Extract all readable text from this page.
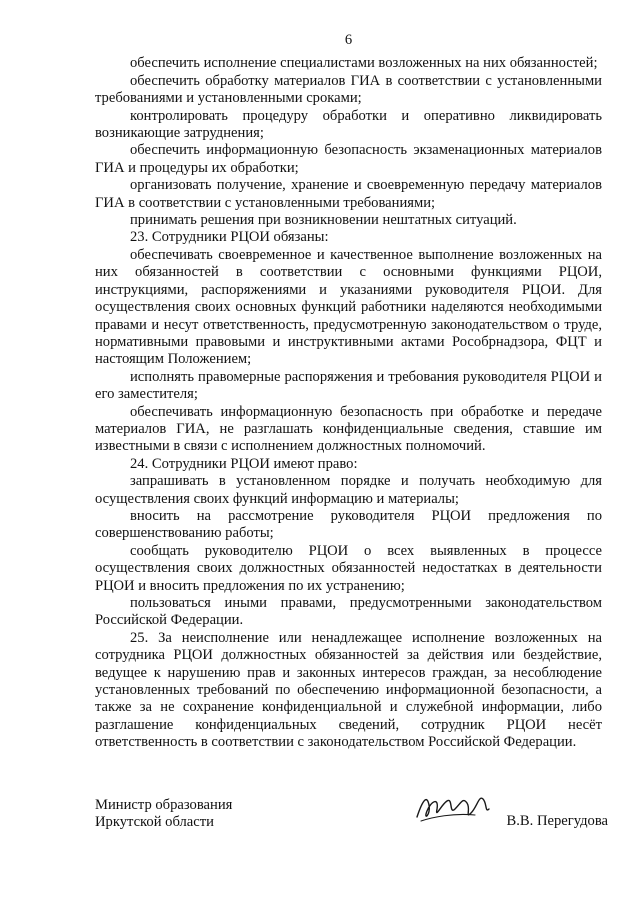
6

обеспечить исполнение специалистами возложенных на них обязанностей;

обеспечить обработку материалов ГИА в соответствии с установленными требованиями и установленными сроками;

контролировать процедуру обработки и оперативно ликвидировать возникающие затруднения;

обеспечить информационную безопасность экзаменационных материалов ГИА и процедуры их обработки;

организовать получение, хранение и своевременную передачу материалов ГИА в соответствии с установленными требованиями;

принимать решения при возникновении нештатных ситуаций.

23. Сотрудники РЦОИ обязаны:

обеспечивать своевременное и качественное выполнение возложенных на них обязанностей в соответствии с основными функциями РЦОИ, инструкциями, распоряжениями и указаниями руководителя РЦОИ. Для осуществления своих основных функций работники наделяются необходимыми правами и несут ответственность, предусмотренную законодательством о труде, нормативными правовыми и инструктивными актами Рособрнадзора, ФЦТ и настоящим Положением;

исполнять правомерные распоряжения и требования руководителя РЦОИ и его заместителя;

обеспечивать информационную безопасность при обработке и передаче материалов ГИА, не разглашать конфиденциальные сведения, ставшие им известными в связи с исполнением должностных полномочий.

24. Сотрудники РЦОИ имеют право:

запрашивать в установленном порядке и получать необходимую для осуществления своих функций информацию и материалы;

вносить на рассмотрение руководителя РЦОИ предложения по совершенствованию работы;

сообщать руководителю РЦОИ о всех выявленных в процессе осуществления своих должностных обязанностей недостатках в деятельности РЦОИ и вносить предложения по их устранению;

пользоваться иными правами, предусмотренными законодательством Российской Федерации.

25. За неисполнение или ненадлежащее исполнение возложенных на сотрудника РЦОИ должностных обязанностей за действия или бездействие, ведущее к нарушению прав и законных интересов граждан, за несоблюдение установленных требований по обеспечению информационной безопасности, а также за не сохранение конфиденциальной и служебной информации, либо разглашение конфиденциальных сведений, сотрудник РЦОИ несёт ответственность в соответствии с законодательством Российской Федерации.

Министр образования
Иркутской области	В.В. Перегудова
